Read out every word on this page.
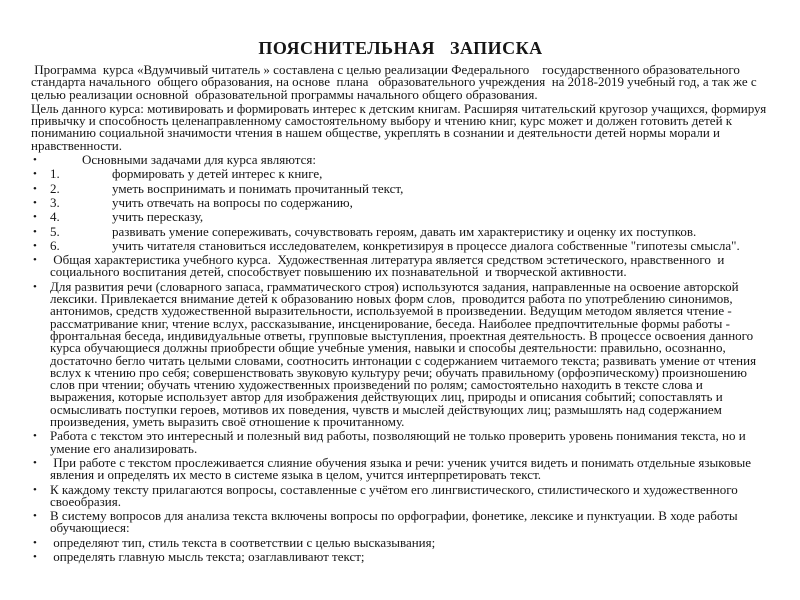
ПОЯСНИТЕЛЬНАЯ   ЗАПИСКА

Программа  курса «Вдумчивый читатель » составлена с целью реализации Федерального    государственного образовательного стандарта начального  общего образования, на основе  плана   образовательного учреждения  на 2018-2019 учебный год, а так же с целью реализации основной  образовательной программы начального общего образования.

Цель данного курса: мотивировать и формировать интерес к детским книгам. Расширяя читательский кругозор учащихся, формируя привычку и способность целенаправленному самостоятельному выбору и чтению книг, курс может и должен готовить детей к пониманию социальной значимости чтения в нашем обществе, укреплять в сознании и деятельности детей нормы морали и нравственности.

•	Основными задачами для курса являются:
• 1.	формировать у детей интерес к книге,
• 2.	уметь воспринимать и понимать прочитанный текст,
• 3.	учить отвечать на вопросы по содержанию,
• 4.	учить пересказу,
• 5.	развивать умение сопереживать, сочувствовать героям, давать им характеристику и оценку их поступков.
• 6.	учить читателя становиться исследователем, конкретизируя в процессе диалога собственные "гипотезы смысла".
•	Общая характеристика учебного курса.  Художественная литература является средством эстетического, нравственного  и социального воспитания детей, способствует повышению их познавательной  и творческой активности.
•	Для развития речи (словарного запаса, грамматического строя) используются задания, направленные на освоение авторской лексики. Привлекается внимание детей к образованию новых форм слов,  проводится работа по употреблению синонимов, антонимов, средств художественной выразительности, используемой в произведении. Ведущим методом является чтение - рассматривание книг, чтение вслух, рассказывание, инсценирование, беседа. Наиболее предпочтительные формы работы - фронтальная беседа, индивидуальные ответы, групповые выступления, проектная деятельность. В процессе освоения данного курса обучающиеся должны приобрести общие учебные умения, навыки и способы деятельности: правильно, осознанно, достаточно бегло читать целыми словами, соотносить интонации с содержанием читаемого текста; развивать умение от чтения вслух к чтению про себя; совершенствовать звуковую культуру речи; обучать правильному (орфоэпическому) произношению слов при чтении; обучать чтению художественных произведений по ролям; самостоятельно находить в тексте слова и выражения, которые использует автор для изображения действующих лиц, природы и описания событий; сопоставлять и осмысливать поступки героев, мотивов их поведения, чувств и мыслей действующих лиц; размышлять над содержанием произведения, уметь выразить своё отношение к прочитанному.
•	Работа с текстом это интересный и полезный вид работы, позволяющий не только проверить уровень понимания текста, но и умение его анализировать.
•	При работе с текстом прослеживается слияние обучения языка и речи: ученик учится видеть и понимать отдельные языковые явления и определять их место в системе языка в целом, учится интерпретировать текст.
•	К каждому тексту прилагаются вопросы, составленные с учётом его лингвистического, стилистического и художественного своеобразия.
•	В систему вопросов для анализа текста включены вопросы по орфографии, фонетике, лексике и пунктуации. В ходе работы обучающиеся:
•	определяют тип, стиль текста в соответствии с целью высказывания;
•	определять главную мысль текста; озаглавливают текст;
